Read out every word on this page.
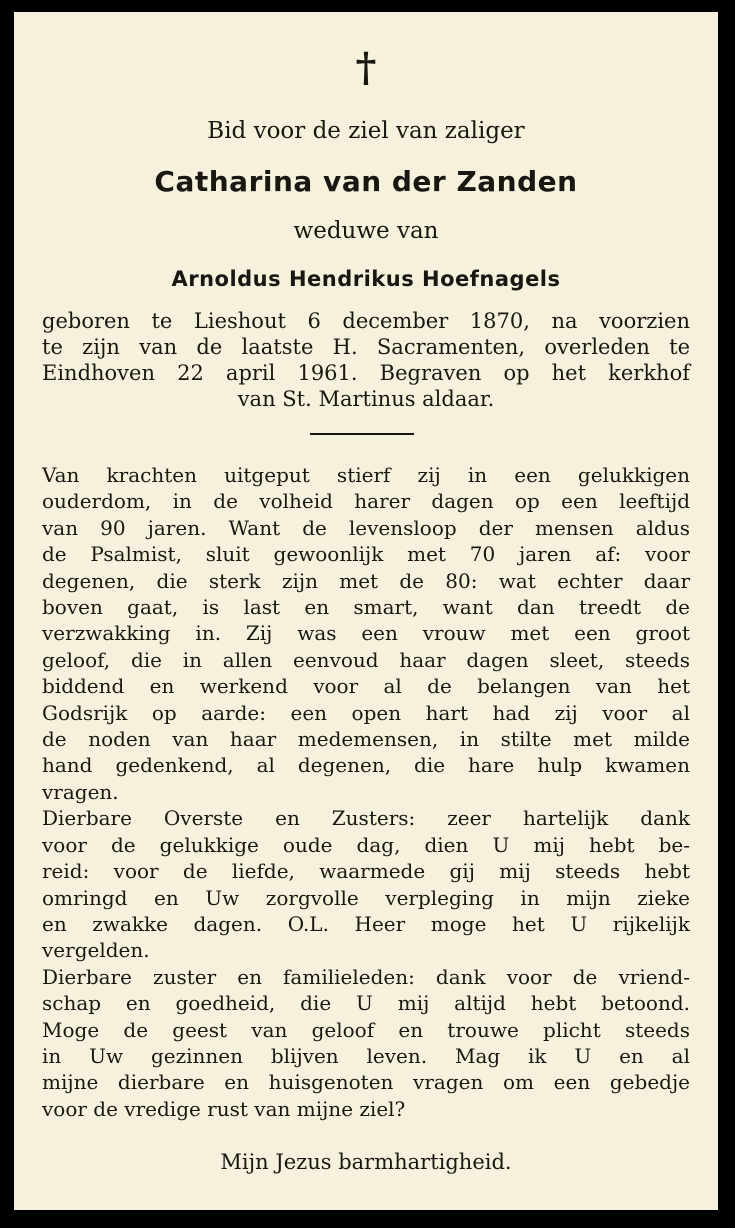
†
Bid voor de ziel van zaliger
Catharina van der Zanden
weduwe van
Arnoldus Hendrikus Hoefnagels
geboren te Lieshout 6 december 1870, na voorzien
te zijn van de laatste H. Sacramenten, overleden te
Eindhoven 22 april 1961. Begraven op het kerkhof
van St. Martinus aldaar.
Van krachten uitgeput stierf zij in een gelukkigen
ouderdom, in de volheid harer dagen op een leeftijd
van 90 jaren. Want de levensloop der mensen aldus
de Psalmist, sluit gewoonlijk met 70 jaren af: voor
degenen, die sterk zijn met de 80: wat echter daar
boven gaat, is last en smart, want dan treedt de
verzwakking in. Zij was een vrouw met een groot
geloof, die in allen eenvoud haar dagen sleet, steeds
biddend en werkend voor al de belangen van het
Godsrijk op aarde: een open hart had zij voor al
de noden van haar medemensen, in stilte met milde
hand gedenkend, al degenen, die hare hulp kwamen
vragen.
Dierbare Overste en Zusters: zeer hartelijk dank
voor de gelukkige oude dag, dien U mij hebt be-
reid: voor de liefde, waarmede gij mij steeds hebt
omringd en Uw zorgvolle verpleging in mijn zieke
en zwakke dagen. O.L. Heer moge het U rijkelijk
vergelden.
Dierbare zuster en familieleden: dank voor de vriend-
schap en goedheid, die U mij altijd hebt betoond.
Moge de geest van geloof en trouwe plicht steeds
in Uw gezinnen blijven leven. Mag ik U en al
mijne dierbare en huisgenoten vragen om een gebedje
voor de vredige rust van mijne ziel?
Mijn Jezus barmhartigheid.
